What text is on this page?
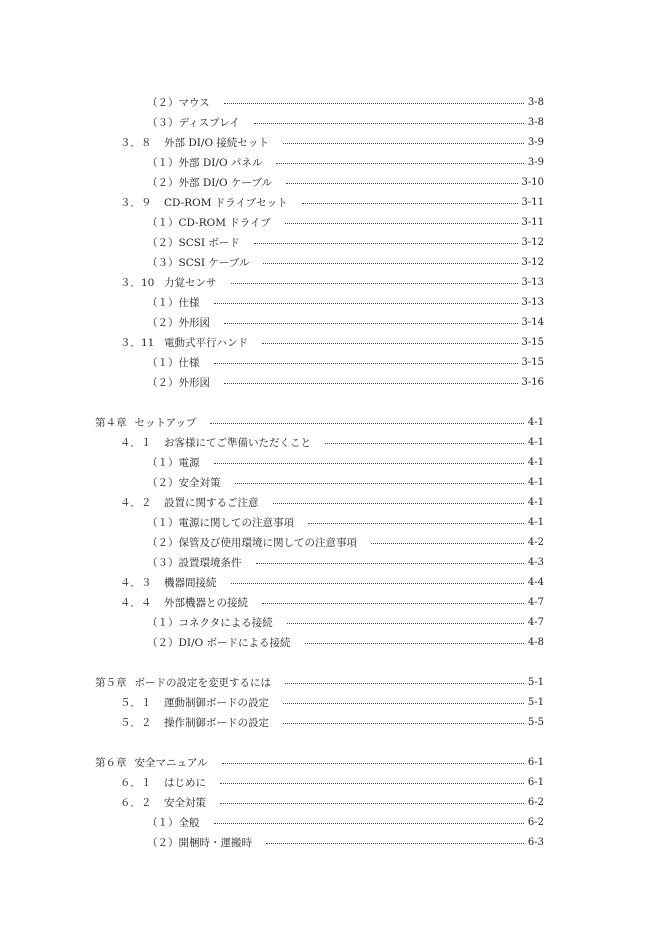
（２）マウス	3-8
（３）ディスプレイ	3-8
３．８	外部 DI/O 接続セット	3-9
（１）外部 DI/O パネル	3-9
（２）外部 DI/O ケーブル	3-10
３．９	CD-ROM ドライブセット	3-11
（１）CD-ROM ドライブ	3-11
（２）SCSI ボード	3-12
（３）SCSI ケーブル	3-12
３．10 力覚センサ	3-13
（１）仕様	3-13
（２）外形図	3-14
３．11 電動式平行ハンド	3-15
（１）仕様	3-15
（２）外形図	3-16
第４章 セットアップ	4-1
４．１	お客様にてご準備いただくこと	4-1
（１）電源	4-1
（２）安全対策	4-1
４．２	設置に関するご注意	4-1
（１）電源に関しての注意事項	4-1
（２）保管及び使用環境に関しての注意事項	4-2
（３）設置環境条件	4-3
４．３	機器間接続	4-4
４．４	外部機器との接続	4-7
（１）コネクタによる接続	4-7
（２）DI/O ボードによる接続	4-8
第５章 ボードの設定を変更するには	5-1
５．１	運動制御ボードの設定	5-1
５．２	操作制御ボードの設定	5-5
第６章 安全マニュアル	6-1
６．１	はじめに	6-1
６．２	安全対策	6-2
（１）全般	6-2
（２）開梱時・運搬時	6-3
